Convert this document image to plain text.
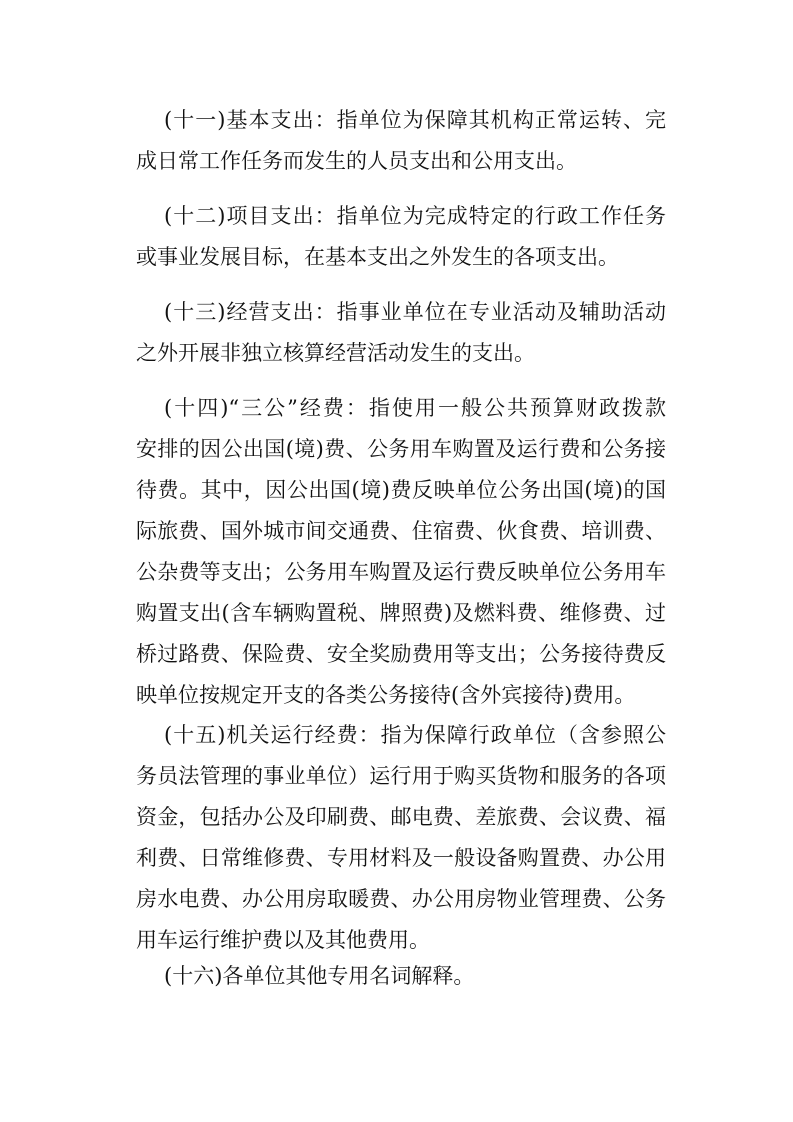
(十一)基本支出：指单位为保障其机构正常运转、完
成日常工作任务而发生的人员支出和公用支出。
(十二)项目支出：指单位为完成特定的行政工作任务
或事业发展目标，在基本支出之外发生的各项支出。
(十三)经营支出：指事业单位在专业活动及辅助活动
之外开展非独立核算经营活动发生的支出。
(十四)“三公”经费：指使用一般公共预算财政拨款
安排的因公出国(境)费、公务用车购置及运行费和公务接
待费。其中，因公出国(境)费反映单位公务出国(境)的国
际旅费、国外城市间交通费、住宿费、伙食费、培训费、
公杂费等支出；公务用车购置及运行费反映单位公务用车
购置支出(含车辆购置税、牌照费)及燃料费、维修费、过
桥过路费、保险费、安全奖励费用等支出；公务接待费反
映单位按规定开支的各类公务接待(含外宾接待)费用。
(十五)机关运行经费：指为保障行政单位（含参照公
务员法管理的事业单位）运行用于购买货物和服务的各项
资金，包括办公及印刷费、邮电费、差旅费、会议费、福
利费、日常维修费、专用材料及一般设备购置费、办公用
房水电费、办公用房取暖费、办公用房物业管理费、公务
用车运行维护费以及其他费用。
(十六)各单位其他专用名词解释。
